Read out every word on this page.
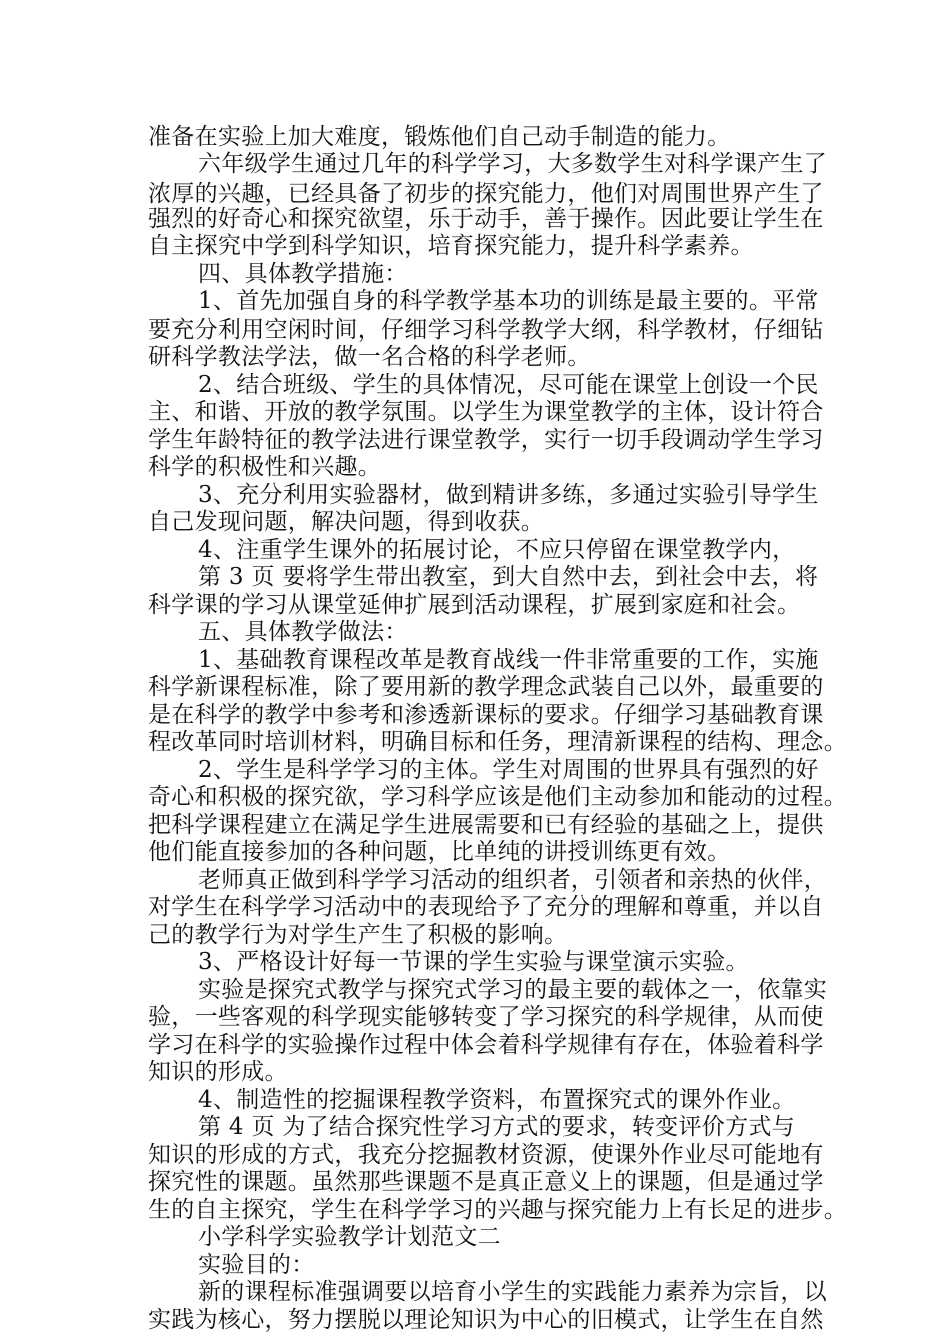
准备在实验上加大难度，锻炼他们自己动手制造的能力。
六年级学生通过几年的科学学习，大多数学生对科学课产生了
浓厚的兴趣，已经具备了初步的探究能力，他们对周围世界产生了
强烈的好奇心和探究欲望，乐于动手，善于操作。因此要让学生在
自主探究中学到科学知识，培育探究能力，提升科学素养。
四、具体教学措施：
1、首先加强自身的科学教学基本功的训练是最主要的。平常
要充分利用空闲时间，仔细学习科学教学大纲，科学教材，仔细钻
研科学教法学法，做一名合格的科学老师。
2、结合班级、学生的具体情况，尽可能在课堂上创设一个民
主、和谐、开放的教学氛围。以学生为课堂教学的主体，设计符合
学生年龄特征的教学法进行课堂教学，实行一切手段调动学生学习
科学的积极性和兴趣。
3、充分利用实验器材，做到精讲多练，多通过实验引导学生
自己发现问题，解决问题，得到收获。
4、注重学生课外的拓展讨论，不应只停留在课堂教学内，
第 3 页 要将学生带出教室，到大自然中去，到社会中去，将
科学课的学习从课堂延伸扩展到活动课程，扩展到家庭和社会。
五、具体教学做法：
1、基础教育课程改革是教育战线一件非常重要的工作，实施
科学新课程标准，除了要用新的教学理念武装自己以外，最重要的
是在科学的教学中参考和渗透新课标的要求。仔细学习基础教育课
程改革同时培训材料，明确目标和任务，理清新课程的结构、理念。
2、学生是科学学习的主体。学生对周围的世界具有强烈的好
奇心和积极的探究欲，学习科学应该是他们主动参加和能动的过程。
把科学课程建立在满足学生进展需要和已有经验的基础之上，提供
他们能直接参加的各种问题，比单纯的讲授训练更有效。
老师真正做到科学学习活动的组织者，引领者和亲热的伙伴，
对学生在科学学习活动中的表现给予了充分的理解和尊重，并以自
己的教学行为对学生产生了积极的影响。
3、严格设计好每一节课的学生实验与课堂演示实验。
实验是探究式教学与探究式学习的最主要的载体之一，依靠实
验，一些客观的科学现实能够转变了学习探究的科学规律，从而使
学习在科学的实验操作过程中体会着科学规律有存在，体验着科学
知识的形成。
4、制造性的挖掘课程教学资料，布置探究式的课外作业。
第 4 页 为了结合探究性学习方式的要求，转变评价方式与
知识的形成的方式，我充分挖掘教材资源，使课外作业尽可能地有
探究性的课题。虽然那些课题不是真正意义上的课题，但是通过学
生的自主探究，学生在科学学习的兴趣与探究能力上有长足的进步。
小学科学实验教学计划范文二
实验目的：
新的课程标准强调要以培育小学生的实践能力素养为宗旨，以
实践为核心，努力摆脱以理论知识为中心的旧模式，让学生在自然
